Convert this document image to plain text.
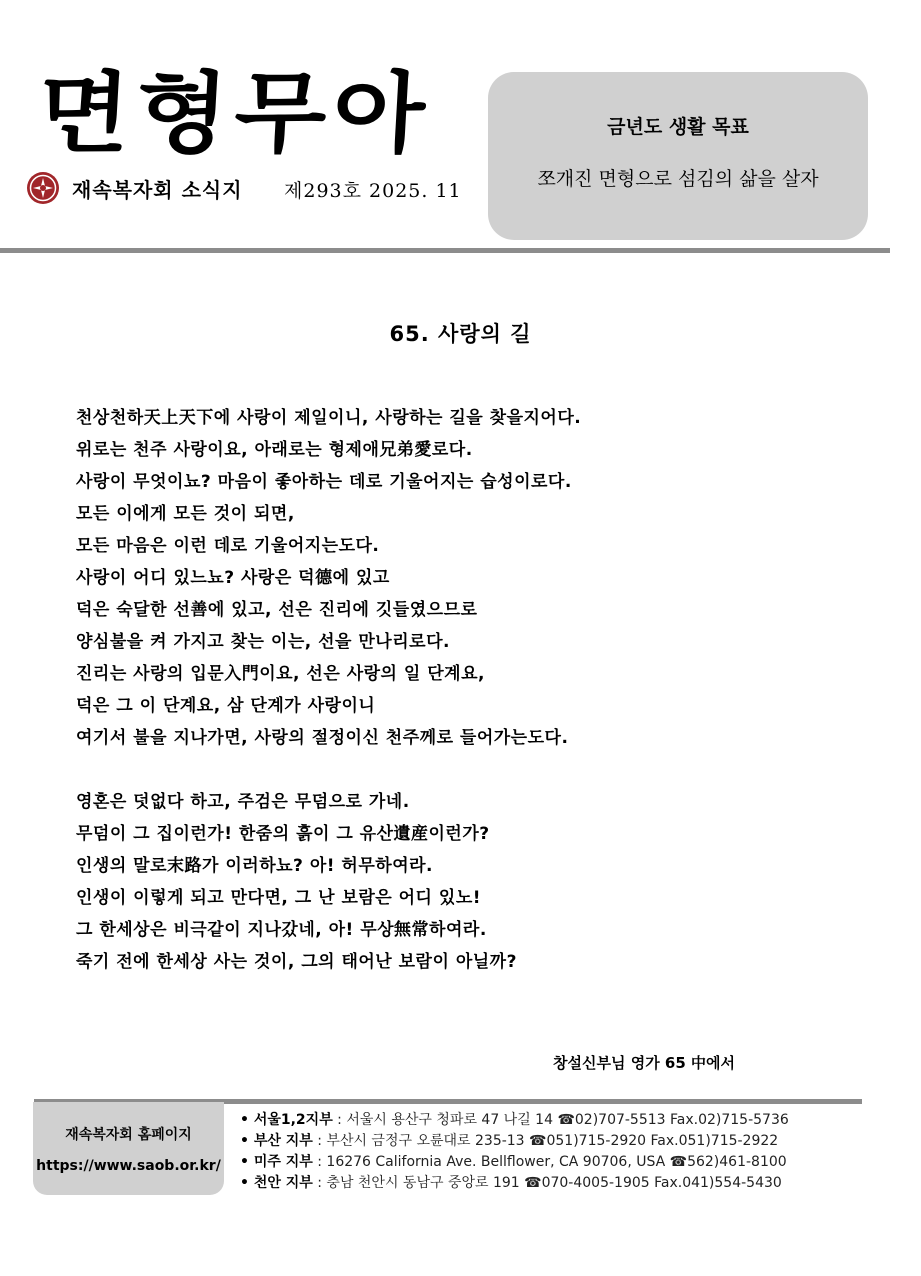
면형무아
재속복자회 소식지 제293호 2025. 11
금년도 생활 목표
쪼개진 면형으로 섬김의 삶을 살자
65. 사랑의 길
천상천하天上天下에 사랑이 제일이니, 사랑하는 길을 찾을지어다.
위로는 천주 사랑이요, 아래로는 형제애兄弟愛로다.
사랑이 무엇이뇨? 마음이 좋아하는 데로 기울어지는 습성이로다.
모든 이에게 모든 것이 되면,
모든 마음은 이런 데로 기울어지는도다.
사랑이 어디 있느뇨? 사랑은 덕德에 있고
덕은 숙달한 선善에 있고, 선은 진리에 깃들였으므로
양심불을 켜 가지고 찾는 이는, 선을 만나리로다.
진리는 사랑의 입문入門이요, 선은 사랑의 일 단계요,
덕은 그 이 단계요, 삼 단계가 사랑이니
여기서 불을 지나가면, 사랑의 절정이신 천주께로 들어가는도다.
영혼은 덧없다 하고, 주검은 무덤으로 가네.
무덤이 그 집이런가! 한줌의 흙이 그 유산遺産이런가?
인생의 말로末路가 이러하뇨? 아! 허무하여라.
인생이 이렇게 되고 만다면, 그 난 보람은 어디 있노!
그 한세상은 비극같이 지나갔네, 아! 무상無常하여라.
죽기 전에 한세상 사는 것이, 그의 태어난 보람이 아닐까?
창설신부님 영가 65 中에서
재속복자회 홈페이지
https://www.saob.or.kr/
• 서울1,2지부 : 서울시 용산구 청파로 47 나길 14 ☎02)707-5513 Fax.02)715-5736
• 부산 지부 : 부산시 금정구 오륜대로 235-13 ☎051)715-2920 Fax.051)715-2922
• 미주 지부 : 16276 California Ave. Bellflower, CA 90706, USA ☎562)461-8100
• 천안 지부 : 충남 천안시 동남구 중앙로 191 ☎070-4005-1905 Fax.041)554-5430
